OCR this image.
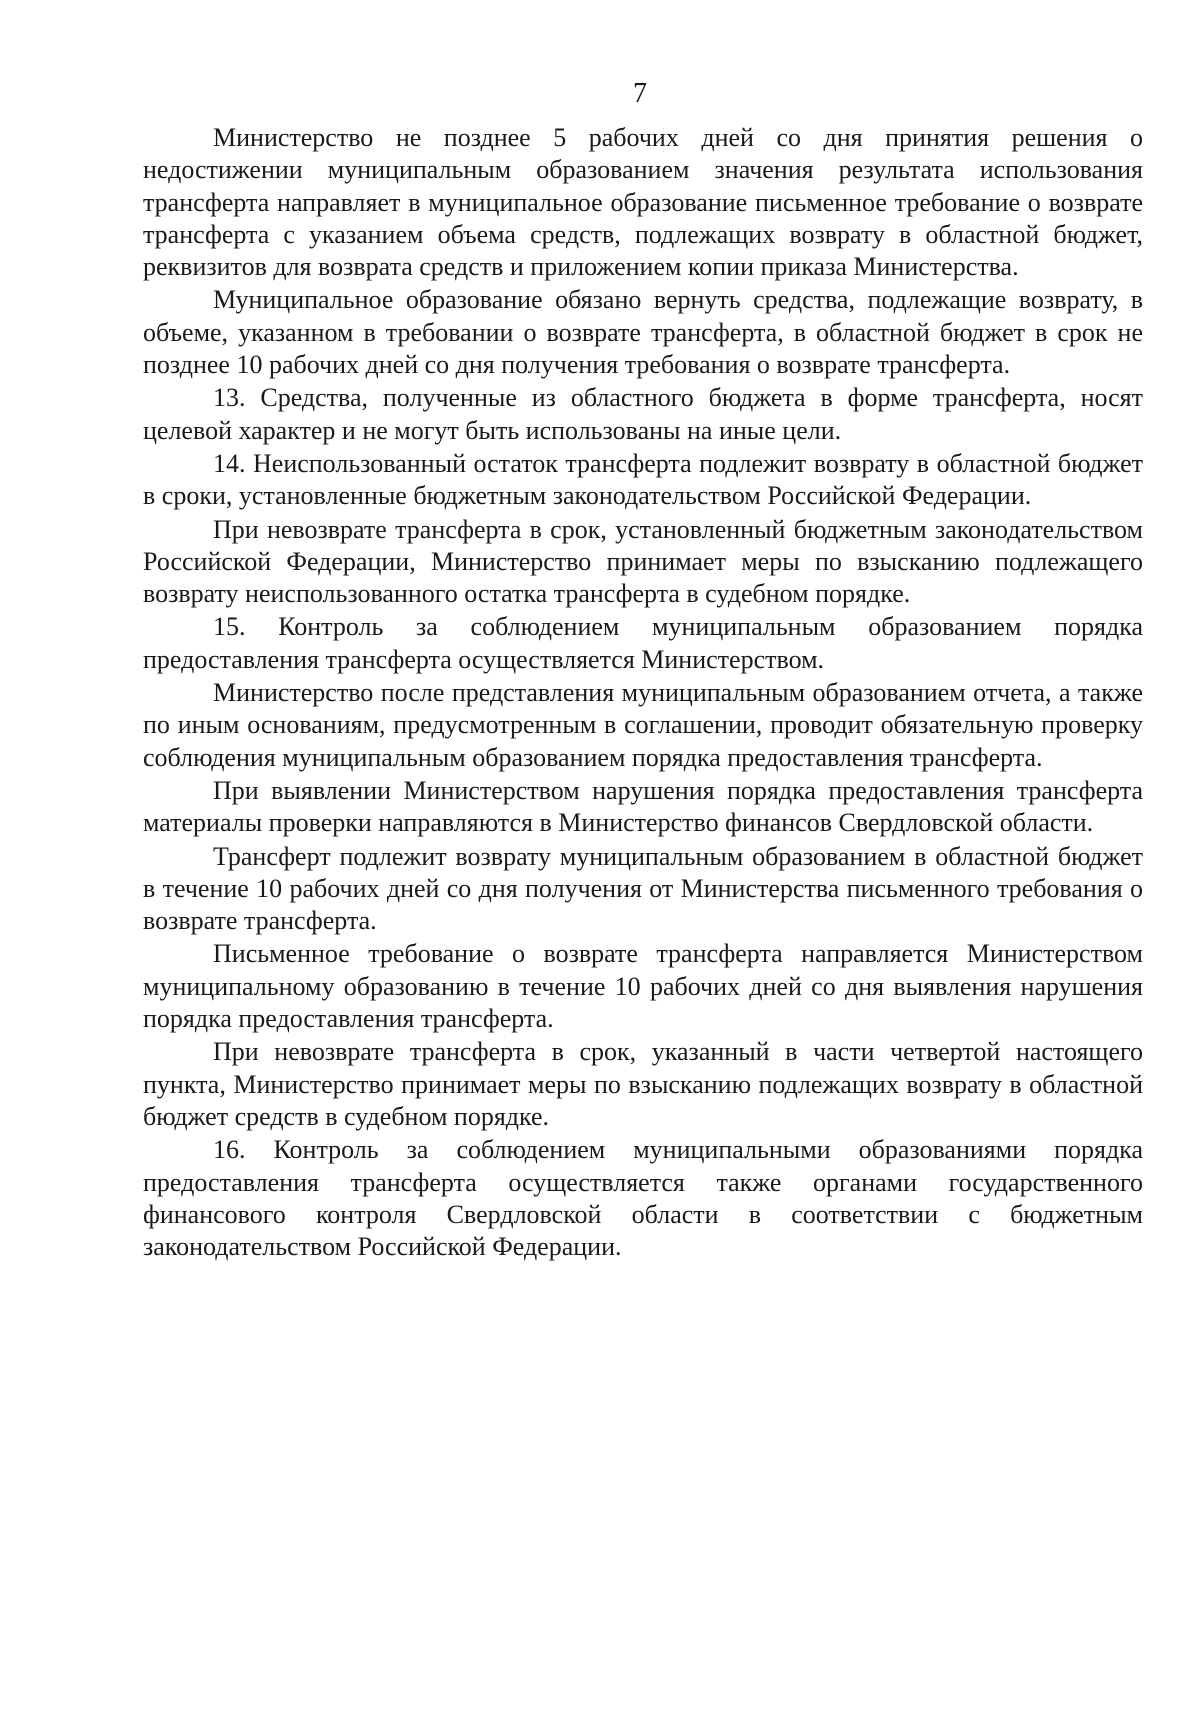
7

Министерство не позднее 5 рабочих дней со дня принятия решения о недостижении муниципальным образованием значения результата использования трансферта направляет в муниципальное образование письменное требование о возврате трансферта с указанием объема средств, подлежащих возврату в областной бюджет, реквизитов для возврата средств и приложением копии приказа Министерства.

Муниципальное образование обязано вернуть средства, подлежащие возврату, в объеме, указанном в требовании о возврате трансферта, в областной бюджет в срок не позднее 10 рабочих дней со дня получения требования о возврате трансферта.

13. Средства, полученные из областного бюджета в форме трансферта, носят целевой характер и не могут быть использованы на иные цели.

14. Неиспользованный остаток трансферта подлежит возврату в областной бюджет в сроки, установленные бюджетным законодательством Российской Федерации.

При невозврате трансферта в срок, установленный бюджетным законодательством Российской Федерации, Министерство принимает меры по взысканию подлежащего возврату неиспользованного остатка трансферта в судебном порядке.

15. Контроль за соблюдением муниципальным образованием порядка предоставления трансферта осуществляется Министерством.

Министерство после представления муниципальным образованием отчета, а также по иным основаниям, предусмотренным в соглашении, проводит обязательную проверку соблюдения муниципальным образованием порядка предоставления трансферта.

При выявлении Министерством нарушения порядка предоставления трансферта материалы проверки направляются в Министерство финансов Свердловской области.

Трансферт подлежит возврату муниципальным образованием в областной бюджет в течение 10 рабочих дней со дня получения от Министерства письменного требования о возврате трансферта.

Письменное требование о возврате трансферта направляется Министерством муниципальному образованию в течение 10 рабочих дней со дня выявления нарушения порядка предоставления трансферта.

При невозврате трансферта в срок, указанный в части четвертой настоящего пункта, Министерство принимает меры по взысканию подлежащих возврату в областной бюджет средств в судебном порядке.

16. Контроль за соблюдением муниципальными образованиями порядка предоставления трансферта осуществляется также органами государственного финансового контроля Свердловской области в соответствии с бюджетным законодательством Российской Федерации.
